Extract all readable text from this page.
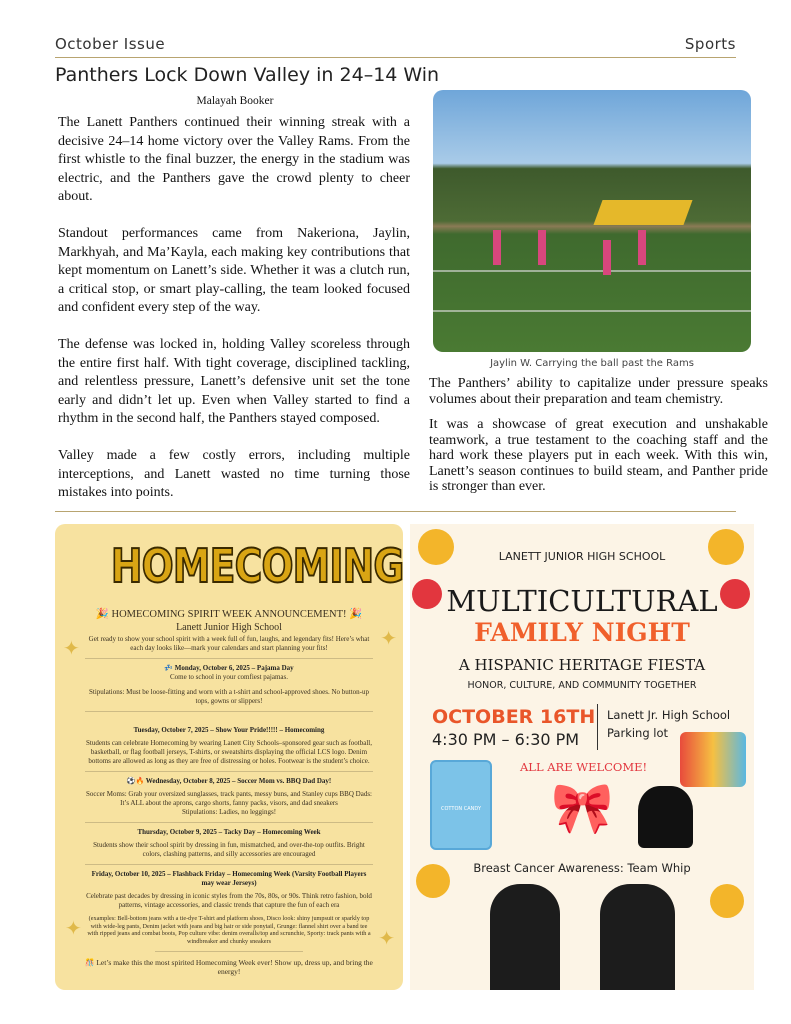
October Issue	Sports
Panthers Lock Down Valley in 24–14 Win
Malayah Booker

The Lanett Panthers continued their winning streak with a decisive 24–14 home victory over the Valley Rams. From the first whistle to the final buzzer, the energy in the stadium was electric, and the Panthers gave the crowd plenty to cheer about.

Standout performances came from Nakeriona, Jaylin, Markhyah, and Ma’Kayla, each making key contributions that kept momentum on Lanett’s side. Whether it was a clutch run, a critical stop, or smart play-calling, the team looked focused and confident every step of the way.

The defense was locked in, holding Valley scoreless through the entire first half. With tight coverage, disciplined tackling, and relentless pressure, Lanett’s defensive unit set the tone early and didn’t let up. Even when Valley started to find a rhythm in the second half, the Panthers stayed composed.

Valley made a few costly errors, including multiple interceptions, and Lanett wasted no time turning those mistakes into points.

Jaylin W. Carrying the ball past the Rams

The Panthers’ ability to capitalize under pressure speaks volumes about their preparation and team chemistry.

It was a showcase of great execution and unshakable teamwork, a true testament to the coaching staff and the hard work these players put in each week. With this win, Lanett’s season continues to build steam, and Panther pride is stronger than ever.

✦	✦
✦	✦
HOMECOMING
🎉 HOMECOMING SPIRIT WEEK ANNOUNCEMENT! 🎉
Lanett Junior High School
Get ready to show your school spirit with a week full of fun, laughs, and legendary fits! Here’s what each day looks like—mark your calendars and start planning your fits!
💤 Monday, October 6, 2025 – Pajama Day
Come to school in your comfiest pajamas.
Stipulations: Must be loose-fitting and worn with a t-shirt and school-approved shoes. No button-up tops, gowns or slippers!
Tuesday, October 7, 2025 – Show Your Pride!!!!! – Homecoming
Students can celebrate Homecoming by wearing Lanett City Schools–sponsored gear such as football, basketball, or flag football jerseys, T-shirts, or sweatshirts displaying the official LCS logo. Denim bottoms are allowed as long as they are free of distressing or holes. Footwear is the student’s choice.
⚽🔥 Wednesday, October 8, 2025 – Soccer Mom vs. BBQ Dad Day!
Soccer Moms: Grab your oversized sunglasses, track pants, messy buns, and Stanley cups BBQ Dads: It’s ALL about the aprons, cargo shorts, fanny packs, visors, and dad sneakers
Stipulations: Ladies, no leggings!
Thursday, October 9, 2025 – Tacky Day – Homecoming Week
Students show their school spirit by dressing in fun, mismatched, and over-the-top outfits. Bright colors, clashing patterns, and silly accessories are encouraged
Friday, October 10, 2025 – Flashback Friday – Homecoming Week (Varsity Football Players may wear Jerseys)
Celebrate past decades by dressing in iconic styles from the 70s, 80s, or 90s. Think retro fashion, bold patterns, vintage accessories, and classic trends that capture the fun of each era
(examples: Bell-bottom jeans with a tie-dye T-shirt and platform shoes, Disco look: shiny jumpsuit or sparkly top with wide-leg pants, Denim jacket with jeans and big hair or side ponytail, Grunge: flannel shirt over a band tee with ripped jeans and combat boots, Pop culture vibe: denim overalls/top and scrunchie, Sporty: track pants with a windbreaker and chunky sneakers
🎊 Let’s make this the most spirited Homecoming Week ever! Show up, dress up, and bring the energy!
LANETT JUNIOR HIGH SCHOOL
MULTICULTURAL
FAMILY NIGHT
A HISPANIC HERITAGE FIESTA
HONOR, CULTURE, AND COMMUNITY TOGETHER
OCTOBER 16TH
4:30 PM – 6:30 PM
Lanett Jr. High School
Parking lot
ALL ARE WELCOME!
COTTON CANDY 🎀
Breast Cancer Awareness: Team Whip
